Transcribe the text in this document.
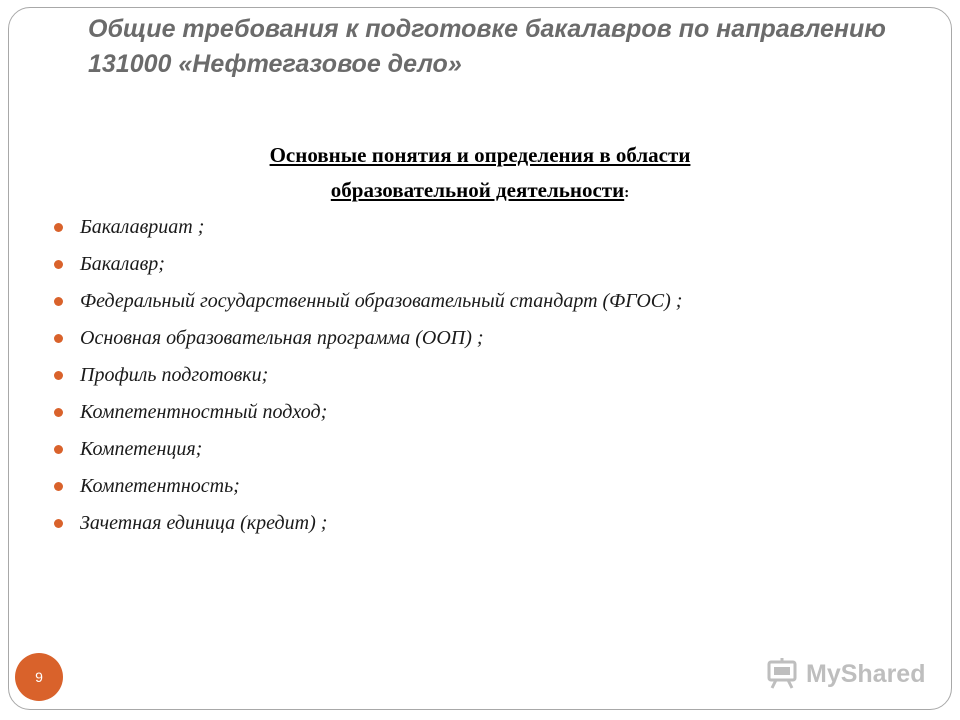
Общие требования к подготовке бакалавров по направлению 131000 «Нефтегазовое дело»
Основные понятия и определения в области
образовательной деятельности:
Бакалавриат ;
Бакалавр;
Федеральный государственный образовательный стандарт (ФГОС) ;
Основная образовательная программа (ООП) ;
Профиль подготовки;
Компетентностный подход;
Компетенция;
Компетентность;
Зачетная единица (кредит) ;
9	MyShared
